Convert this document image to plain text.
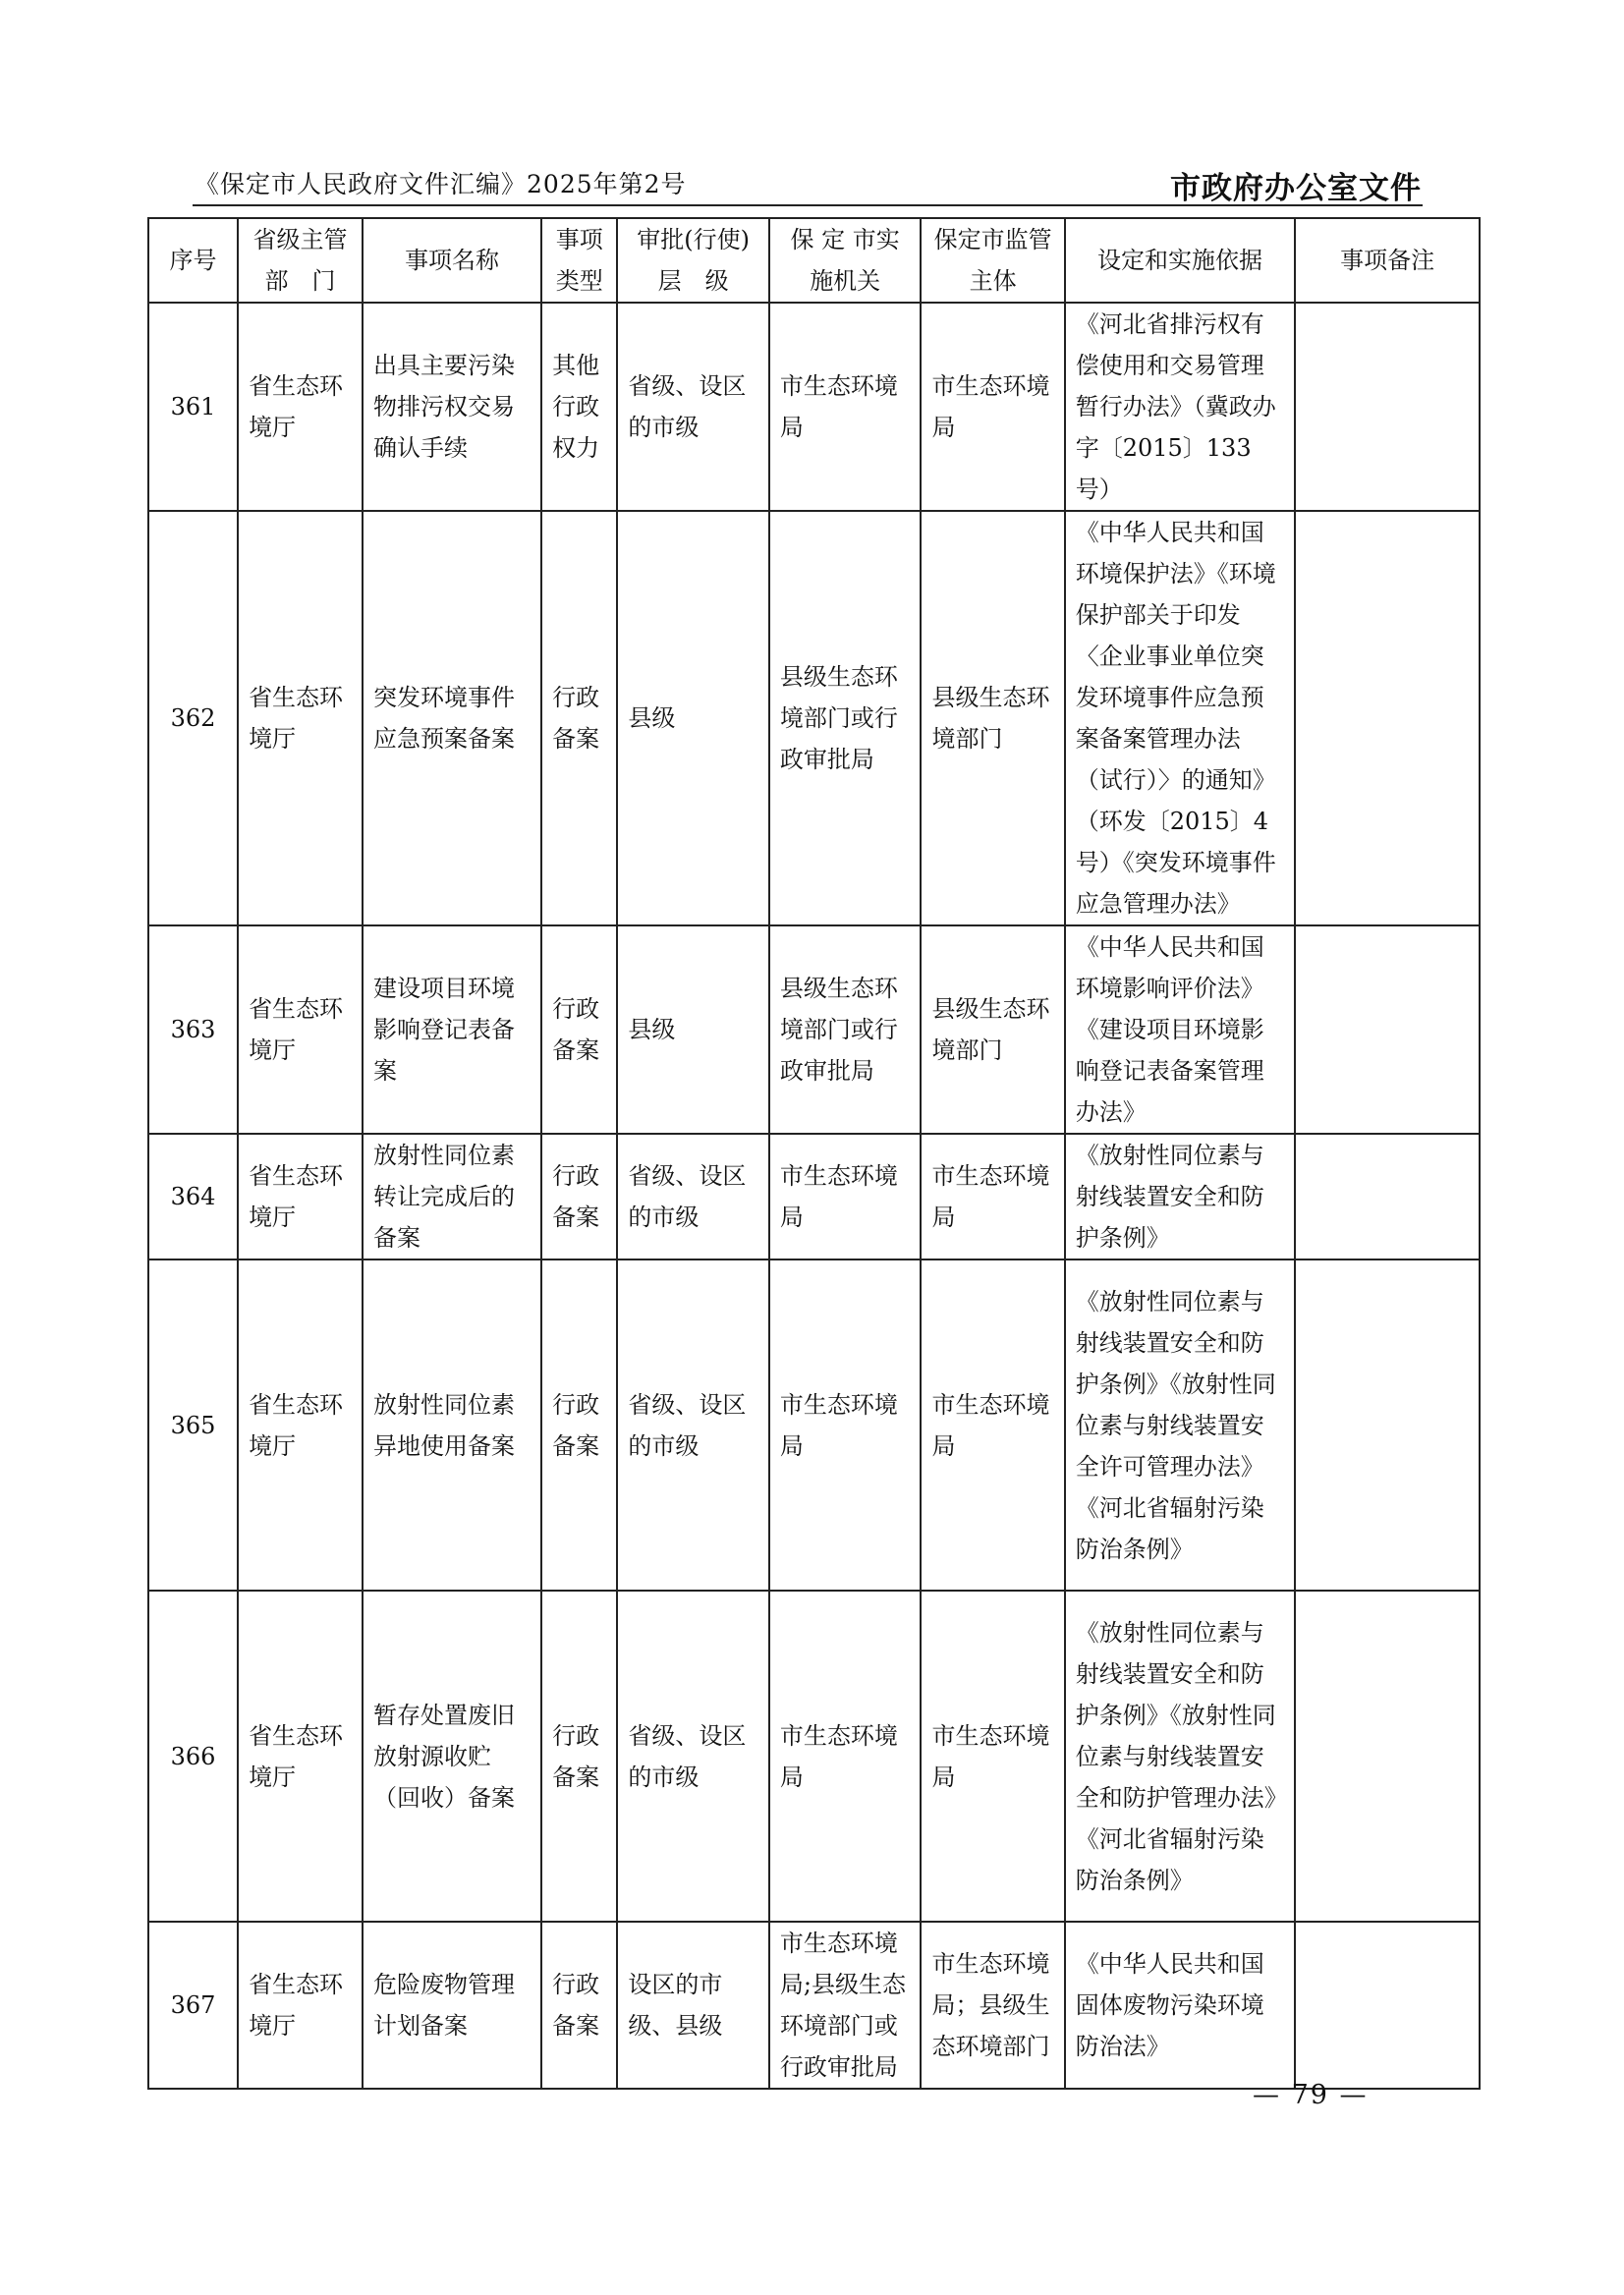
《保定市人民政府文件汇编》2025年第2号	市政府办公室文件
序号	省级主管部　门	事项名称	事项类型	审批(行使)层　级	保 定 市实施机关	保定市监管主体	设定和实施依据	事项备注
361	省生态环境厅	出具主要污染物排污权交易确认手续	其他行政权力	省级、设区的市级	市生态环境局	市生态环境局	《河北省排污权有偿使用和交易管理暂行办法》（冀政办字〔2015〕133号）	
362	省生态环境厅	突发环境事件应急预案备案	行政备案	县级	县级生态环境部门或行政审批局	县级生态环境部门	《中华人民共和国环境保护法》《环境保护部关于印发〈企业事业单位突发环境事件应急预案备案管理办法（试行）〉的通知》（环发〔2015〕4号）《突发环境事件应急管理办法》	
363	省生态环境厅	建设项目环境影响登记表备案	行政备案	县级	县级生态环境部门或行政审批局	县级生态环境部门	《中华人民共和国环境影响评价法》《建设项目环境影响登记表备案管理办法》	
364	省生态环境厅	放射性同位素转让完成后的备案	行政备案	省级、设区的市级	市生态环境局	市生态环境局	《放射性同位素与射线装置安全和防护条例》	
365	省生态环境厅	放射性同位素异地使用备案	行政备案	省级、设区的市级	市生态环境局	市生态环境局	《放射性同位素与射线装置安全和防护条例》《放射性同位素与射线装置安全许可管理办法》《河北省辐射污染防治条例》	
366	省生态环境厅	暂存处置废旧放射源收贮（回收）备案	行政备案	省级、设区的市级	市生态环境局	市生态环境局	《放射性同位素与射线装置安全和防护条例》《放射性同位素与射线装置安全和防护管理办法》《河北省辐射污染防治条例》	
367	省生态环境厅	危险废物管理计划备案	行政备案	设区的市级、县级	市生态环境局;县级生态环境部门或行政审批局	市生态环境局；县级生态环境部门	《中华人民共和国固体废物污染环境防治法》	
— 79 —
